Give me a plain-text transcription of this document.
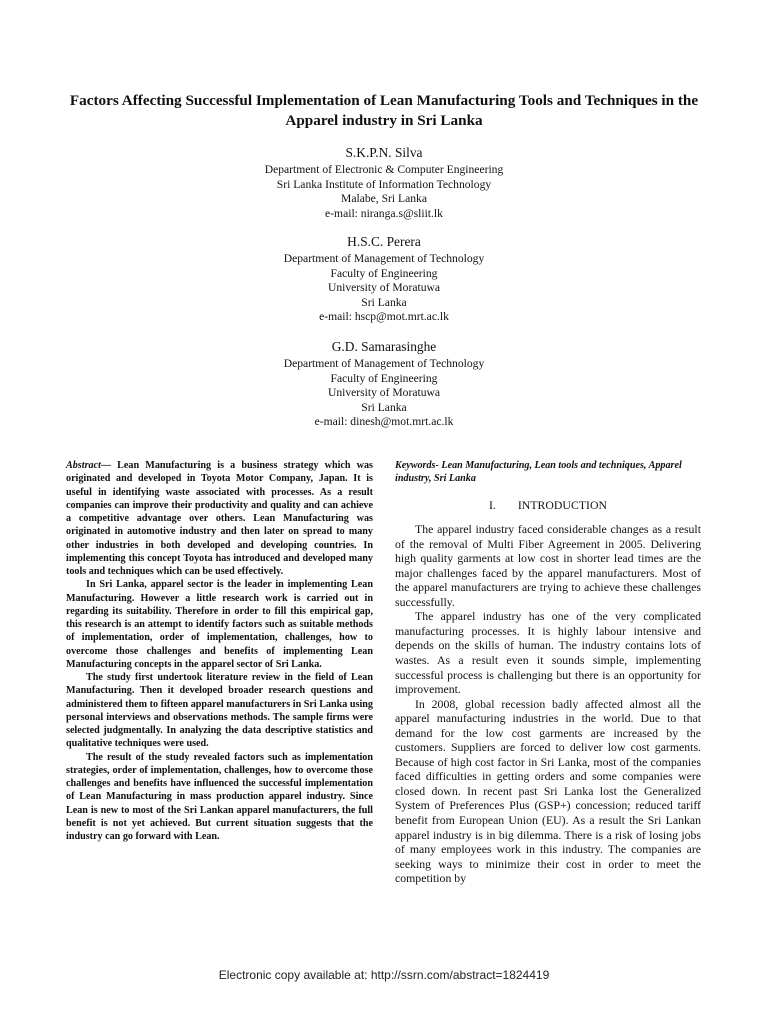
Factors Affecting Successful Implementation of Lean Manufacturing Tools and Techniques in the Apparel industry in Sri Lanka
S.K.P.N. Silva
Department of Electronic & Computer Engineering
Sri Lanka Institute of Information Technology
Malabe, Sri Lanka
e-mail: niranga.s@sliit.lk
H.S.C. Perera
Department of Management of Technology
Faculty of Engineering
University of Moratuwa
Sri Lanka
e-mail: hscp@mot.mrt.ac.lk
G.D. Samarasinghe
Department of Management of Technology
Faculty of Engineering
University of Moratuwa
Sri Lanka
e-mail: dinesh@mot.mrt.ac.lk

Abstract— Lean Manufacturing is a business strategy which was originated and developed in Toyota Motor Company, Japan. It is useful in identifying waste associated with processes. As a result companies can improve their productivity and quality and can achieve a competitive advantage over others. Lean Manufacturing was originated in automotive industry and then later on spread to many other industries in both developed and developing countries. In implementing this concept Toyota has introduced and developed many tools and techniques which can be used effectively.

In Sri Lanka, apparel sector is the leader in implementing Lean Manufacturing. However a little research work is carried out in regarding its suitability. Therefore in order to fill this empirical gap, this research is an attempt to identify factors such as suitable methods of implementation, order of implementation, challenges, how to overcome those challenges and benefits of implementing Lean Manufacturing concepts in the apparel sector of Sri Lanka.

The study first undertook literature review in the field of Lean Manufacturing. Then it developed broader research questions and administered them to fifteen apparel manufacturers in Sri Lanka using personal interviews and observations methods. The sample firms were selected judgmentally. In analyzing the data descriptive statistics and qualitative techniques were used.

The result of the study revealed factors such as implementation strategies, order of implementation, challenges, how to overcome those challenges and benefits have influenced the successful implementation of Lean Manufacturing in mass production apparel industry. Since Lean is new to most of the Sri Lankan apparel manufacturers, the full benefit is not yet achieved. But current situation suggests that the industry can go forward with Lean.

Keywords- Lean Manufacturing, Lean tools and techniques, Apparel industry, Sri Lanka

I. INTRODUCTION

The apparel industry faced considerable changes as a result of the removal of Multi Fiber Agreement in 2005. Delivering high quality garments at low cost in shorter lead times are the major challenges faced by the apparel manufacturers. Most of the apparel manufacturers are trying to achieve these challenges successfully.

The apparel industry has one of the very complicated manufacturing processes. It is highly labour intensive and depends on the skills of human. The industry contains lots of wastes. As a result even it sounds simple, implementing successful process is challenging but there is an opportunity for improvement.

In 2008, global recession badly affected almost all the apparel manufacturing industries in the world. Due to that demand for the low cost garments are increased by the customers. Suppliers are forced to deliver low cost garments. Because of high cost factor in Sri Lanka, most of the companies faced difficulties in getting orders and some companies were closed down. In recent past Sri Lanka lost the Generalized System of Preferences Plus (GSP+) concession; reduced tariff benefit from European Union (EU). As a result the Sri Lankan apparel industry is in big dilemma. There is a risk of losing jobs of many employees work in this industry. The companies are seeking ways to minimize their cost in order to meet the competition by

Electronic copy available at: http://ssrn.com/abstract=1824419
